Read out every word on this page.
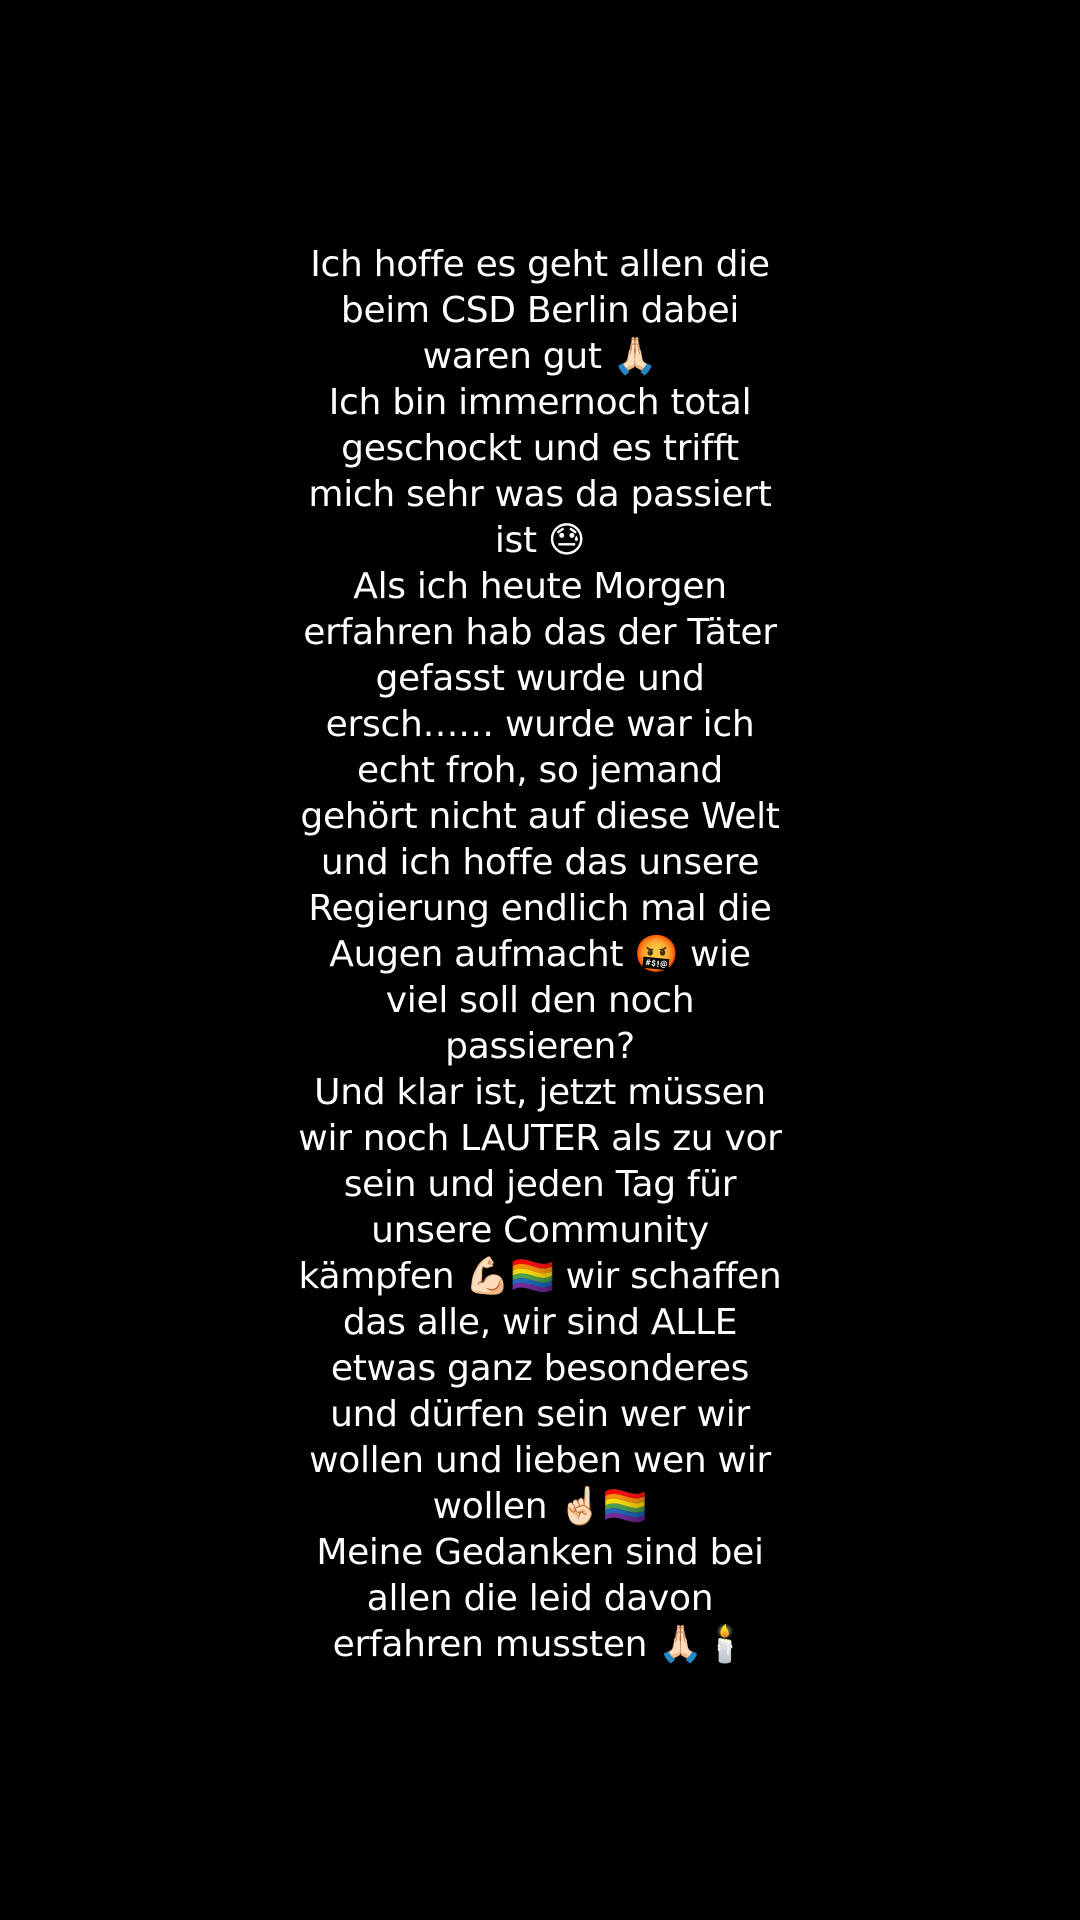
Ich hoffe es geht allen die
beim CSD Berlin dabei
waren gut 🙏🏻
Ich bin immernoch total
geschockt und es trifft
mich sehr was da passiert
ist 😓
Als ich heute Morgen
erfahren hab das der Täter
gefasst wurde und
ersch…… wurde war ich
echt froh, so jemand
gehört nicht auf diese Welt
und ich hoffe das unsere
Regierung endlich mal die
Augen aufmacht 🤬 wie
viel soll den noch
passieren?
Und klar ist, jetzt müssen
wir noch LAUTER als zu vor
sein und jeden Tag für
unsere Community
kämpfen 💪🏻🏳️‍🌈 wir schaffen
das alle, wir sind ALLE
etwas ganz besonderes
und dürfen sein wer wir
wollen und lieben wen wir
wollen ☝🏻🏳️‍🌈
Meine Gedanken sind bei
allen die leid davon
erfahren mussten 🙏🏻🕯️
